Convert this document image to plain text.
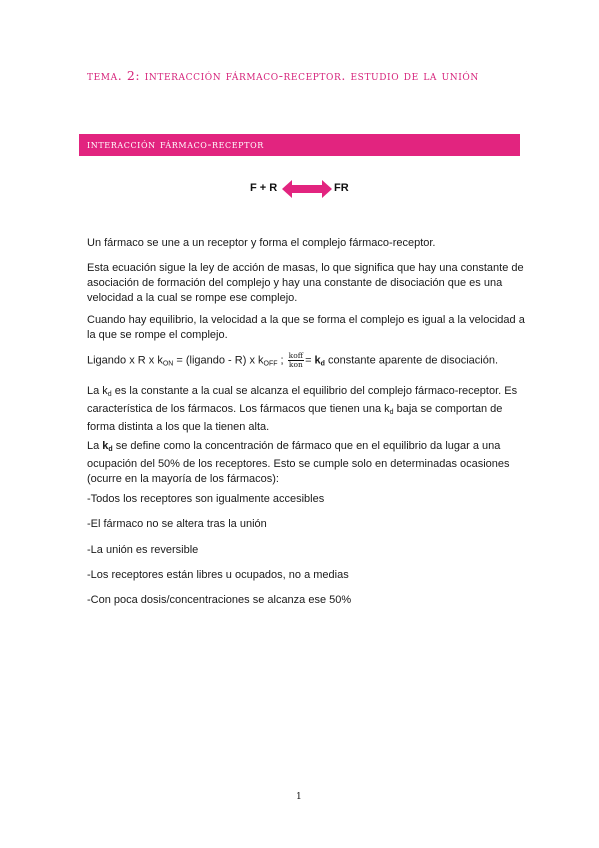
tema. 2: interacción fármaco-receptor. estudio de la unión
interacción fármaco-receptor
F + R	FR
Un fármaco se une a un receptor y forma el complejo fármaco-receptor.
Esta ecuación sigue la ley de acción de masas, lo que significa que hay una constante de asociación de formación del complejo y hay una constante de disociación que es una velocidad a la cual se rompe ese complejo.
Cuando hay equilibrio, la velocidad a la que se forma el complejo es igual a la velocidad a la que se rompe el complejo.
Ligando x R x $k_{ON}$ = (ligando - R) x $k_{OFF}$ ; $\frac{\text{koff}}{\text{kon}} = k_d$ constante aparente de disociación.
La $k_d$ es la constante a la cual se alcanza el equilibrio del complejo fármaco-receptor. Es característica de los fármacos. Los fármacos que tienen una $k_d$ baja se comportan de forma distinta a los que la tienen alta.
La $k_d$ se define como la concentración de fármaco que en el equilibrio da lugar a una ocupación del 50% de los receptores. Esto se cumple solo en determinadas ocasiones (ocurre en la mayoría de los fármacos):
-Todos los receptores son igualmente accesibles
-El fármaco no se altera tras la unión
-La unión es reversible
-Los receptores están libres u ocupados, no a medias
-Con poca dosis/concentraciones se alcanza ese 50%
1
